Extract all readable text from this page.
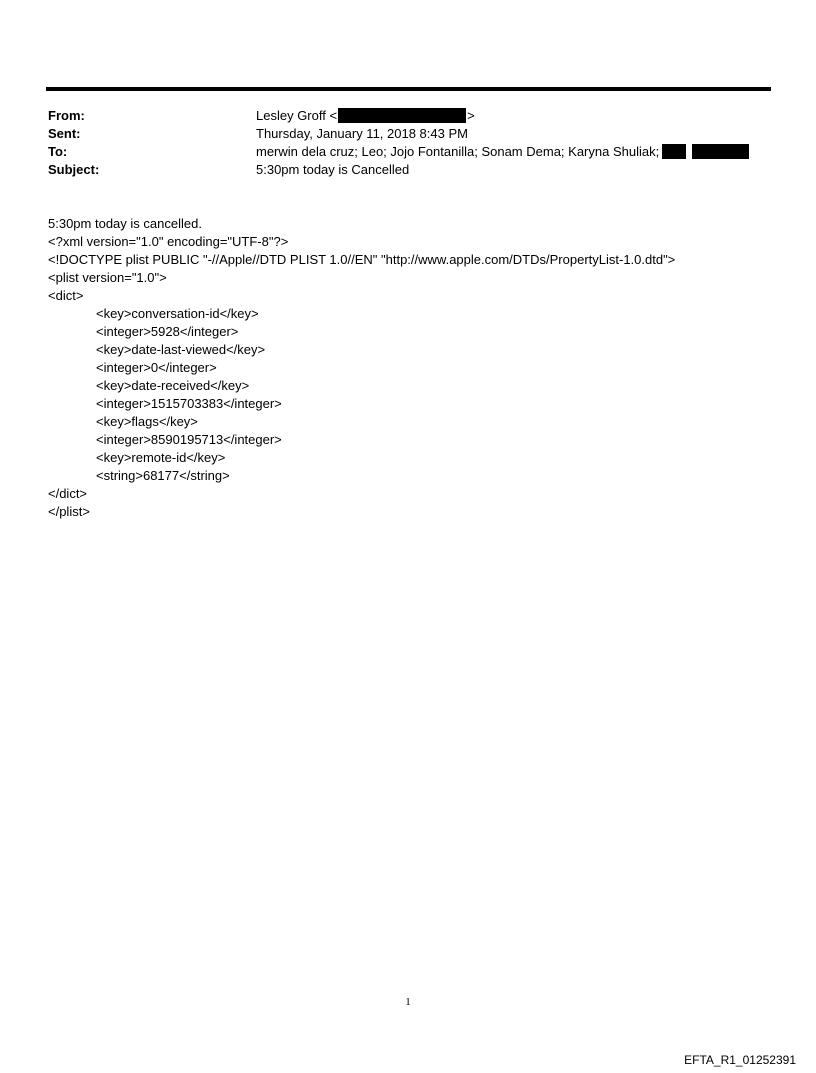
From:	Lesley Groff <	>
Sent:	Thursday, January 11, 2018 8:43 PM
To:	merwin dela cruz; Leo; Jojo Fontanilla; Sonam Dema; Karyna Shuliak;
Subject:	5:30pm today is Cancelled
5:30pm today is cancelled.
<?xml version="1.0" encoding="UTF-8"?>
<!DOCTYPE plist PUBLIC "-//Apple//DTD PLIST 1.0//EN" "http://www.apple.com/DTDs/PropertyList-1.0.dtd">
<plist version="1.0">
<dict>
<key>conversation-id</key>
<integer>5928</integer>
<key>date-last-viewed</key>
<integer>0</integer>
<key>date-received</key>
<integer>1515703383</integer>
<key>flags</key>
<integer>8590195713</integer>
<key>remote-id</key>
<string>68177</string>
</dict>
</plist>
1
EFTA_R1_01252391
